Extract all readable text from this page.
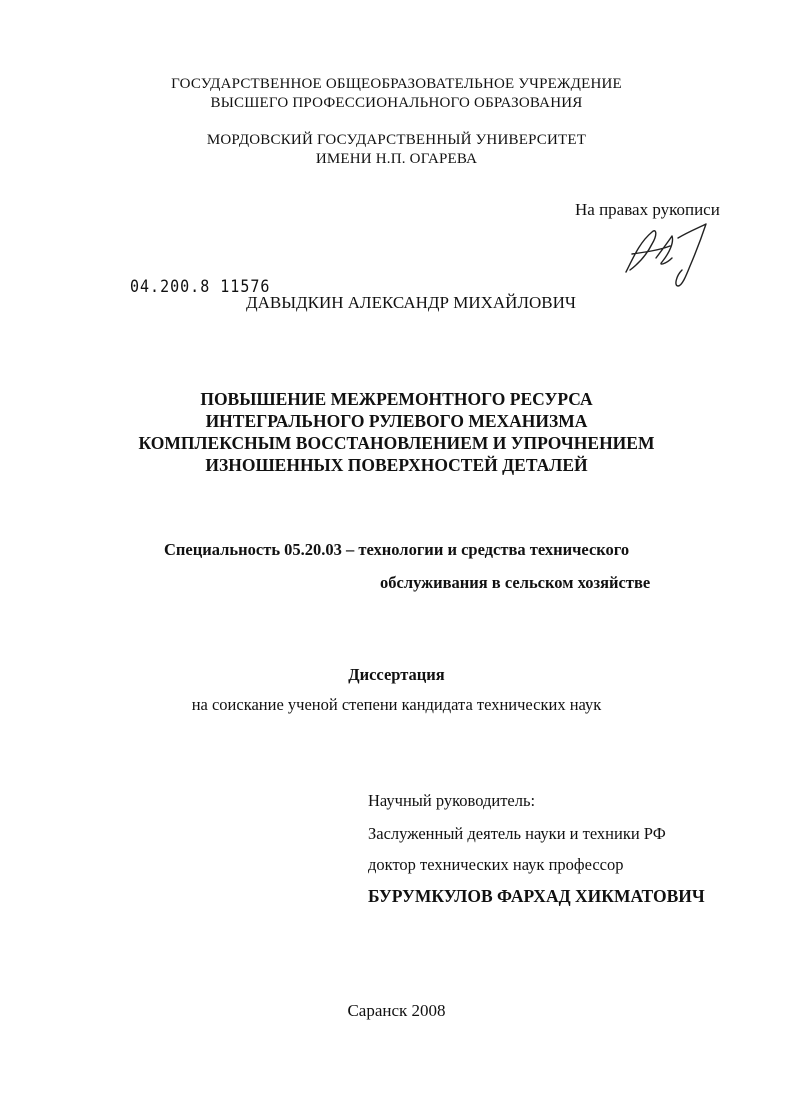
ГОСУДАРСТВЕННОЕ ОБЩЕОБРАЗОВАТЕЛЬНОЕ УЧРЕЖДЕНИЕ
ВЫСШЕГО ПРОФЕССИОНАЛЬНОГО ОБРАЗОВАНИЯ
МОРДОВСКИЙ ГОСУДАРСТВЕННЫЙ УНИВЕРСИТЕТ
ИМЕНИ Н.П. ОГАРЕВА
На правах рукописи
04.200.8 11576
ДАВЫДКИН АЛЕКСАНДР МИХАЙЛОВИЧ
ПОВЫШЕНИЕ МЕЖРЕМОНТНОГО РЕСУРСА
ИНТЕГРАЛЬНОГО РУЛЕВОГО МЕХАНИЗМА
КОМПЛЕКСНЫМ ВОССТАНОВЛЕНИЕМ И УПРОЧНЕНИЕМ
ИЗНОШЕННЫХ ПОВЕРХНОСТЕЙ ДЕТАЛЕЙ
Специальность 05.20.03 – технологии и средства технического
обслуживания в сельском хозяйстве
Диссертация
на соискание ученой степени кандидата технических наук
Научный руководитель:
Заслуженный деятель науки и техники РФ
доктор технических наук профессор
БУРУМКУЛОВ ФАРХАД ХИКМАТОВИЧ
Саранск 2008
